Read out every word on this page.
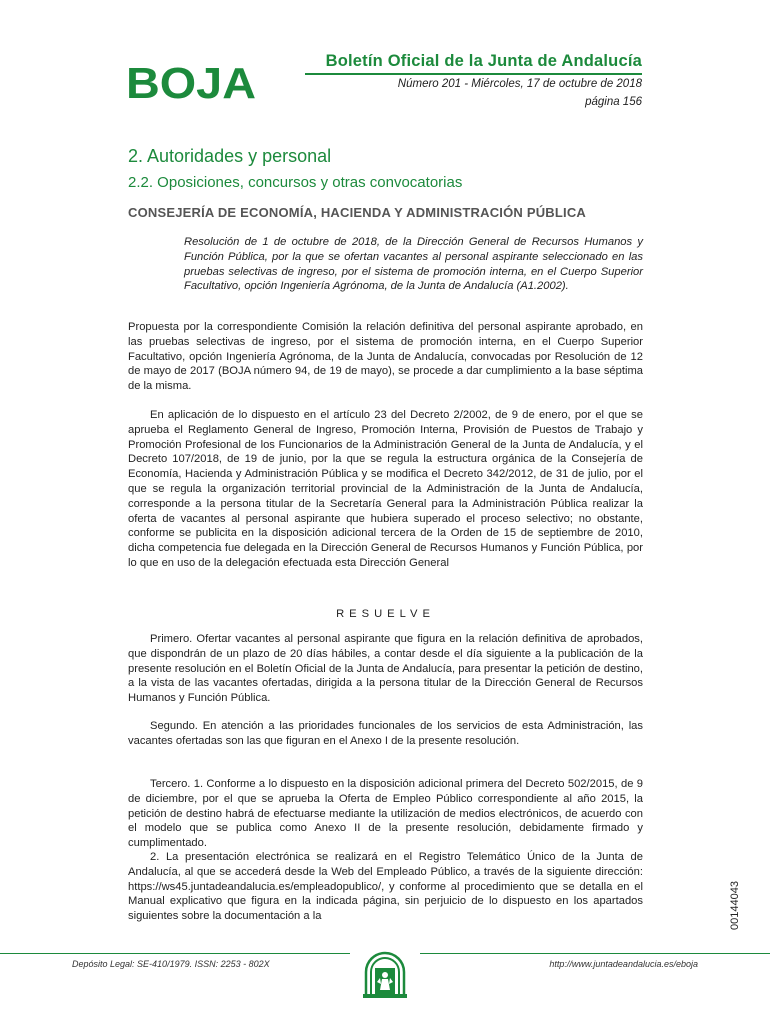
Boletín Oficial de la Junta de Andalucía
Número 201 - Miércoles, 17 de octubre de 2018
página 156
BOJA
2. Autoridades y personal
2.2. Oposiciones, concursos y otras convocatorias
CONSEJERÍA DE ECONOMÍA, HACIENDA Y ADMINISTRACIÓN PÚBLICA
Resolución de 1 de octubre de 2018, de la Dirección General de Recursos Humanos y Función Pública, por la que se ofertan vacantes al personal aspirante seleccionado en las pruebas selectivas de ingreso, por el sistema de promoción interna, en el Cuerpo Superior Facultativo, opción Ingeniería Agrónoma, de la Junta de Andalucía (A1.2002).
Propuesta por la correspondiente Comisión la relación definitiva del personal aspirante aprobado, en las pruebas selectivas de ingreso, por el sistema de promoción interna, en el Cuerpo Superior Facultativo, opción Ingeniería Agrónoma, de la Junta de Andalucía, convocadas por Resolución de 12 de mayo de 2017 (BOJA número 94, de 19 de mayo), se procede a dar cumplimiento a la base séptima de la misma.
En aplicación de lo dispuesto en el artículo 23 del Decreto 2/2002, de 9 de enero, por el que se aprueba el Reglamento General de Ingreso, Promoción Interna, Provisión de Puestos de Trabajo y Promoción Profesional de los Funcionarios de la Administración General de la Junta de Andalucía, y el Decreto 107/2018, de 19 de junio, por la que se regula la estructura orgánica de la Consejería de Economía, Hacienda y Administración Pública y se modifica el Decreto 342/2012, de 31 de julio, por el que se regula la organización territorial provincial de la Administración de la Junta de Andalucía, corresponde a la persona titular de la Secretaría General para la Administración Pública realizar la oferta de vacantes al personal aspirante que hubiera superado el proceso selectivo; no obstante, conforme se publicita en la disposición adicional tercera de la Orden de 15 de septiembre de 2010, dicha competencia fue delegada en la Dirección General de Recursos Humanos y Función Pública, por lo que en uso de la delegación efectuada esta Dirección General
RESUELVE
Primero. Ofertar vacantes al personal aspirante que figura en la relación definitiva de aprobados, que dispondrán de un plazo de 20 días hábiles, a contar desde el día siguiente a la publicación de la presente resolución en el Boletín Oficial de la Junta de Andalucía, para presentar la petición de destino, a la vista de las vacantes ofertadas, dirigida a la persona titular de la Dirección General de Recursos Humanos y Función Pública.
Segundo. En atención a las prioridades funcionales de los servicios de esta Administración, las vacantes ofertadas son las que figuran en el Anexo I de la presente resolución.
Tercero. 1. Conforme a lo dispuesto en la disposición adicional primera del Decreto 502/2015, de 9 de diciembre, por el que se aprueba la Oferta de Empleo Público correspondiente al año 2015, la petición de destino habrá de efectuarse mediante la utilización de medios electrónicos, de acuerdo con el modelo que se publica como Anexo II de la presente resolución, debidamente firmado y cumplimentado.
2. La presentación electrónica se realizará en el Registro Telemático Único de la Junta de Andalucía, al que se accederá desde la Web del Empleado Público, a través de la siguiente dirección: https://ws45.juntadeandalucia.es/empleadopublico/, y conforme al procedimiento que se detalla en el Manual explicativo que figura en la indicada página, sin perjuicio de lo dispuesto en los apartados siguientes sobre la documentación a la	00144043
Depósito Legal: SE-410/1979. ISSN: 2253 - 802X	http://www.juntadeandalucia.es/eboja
